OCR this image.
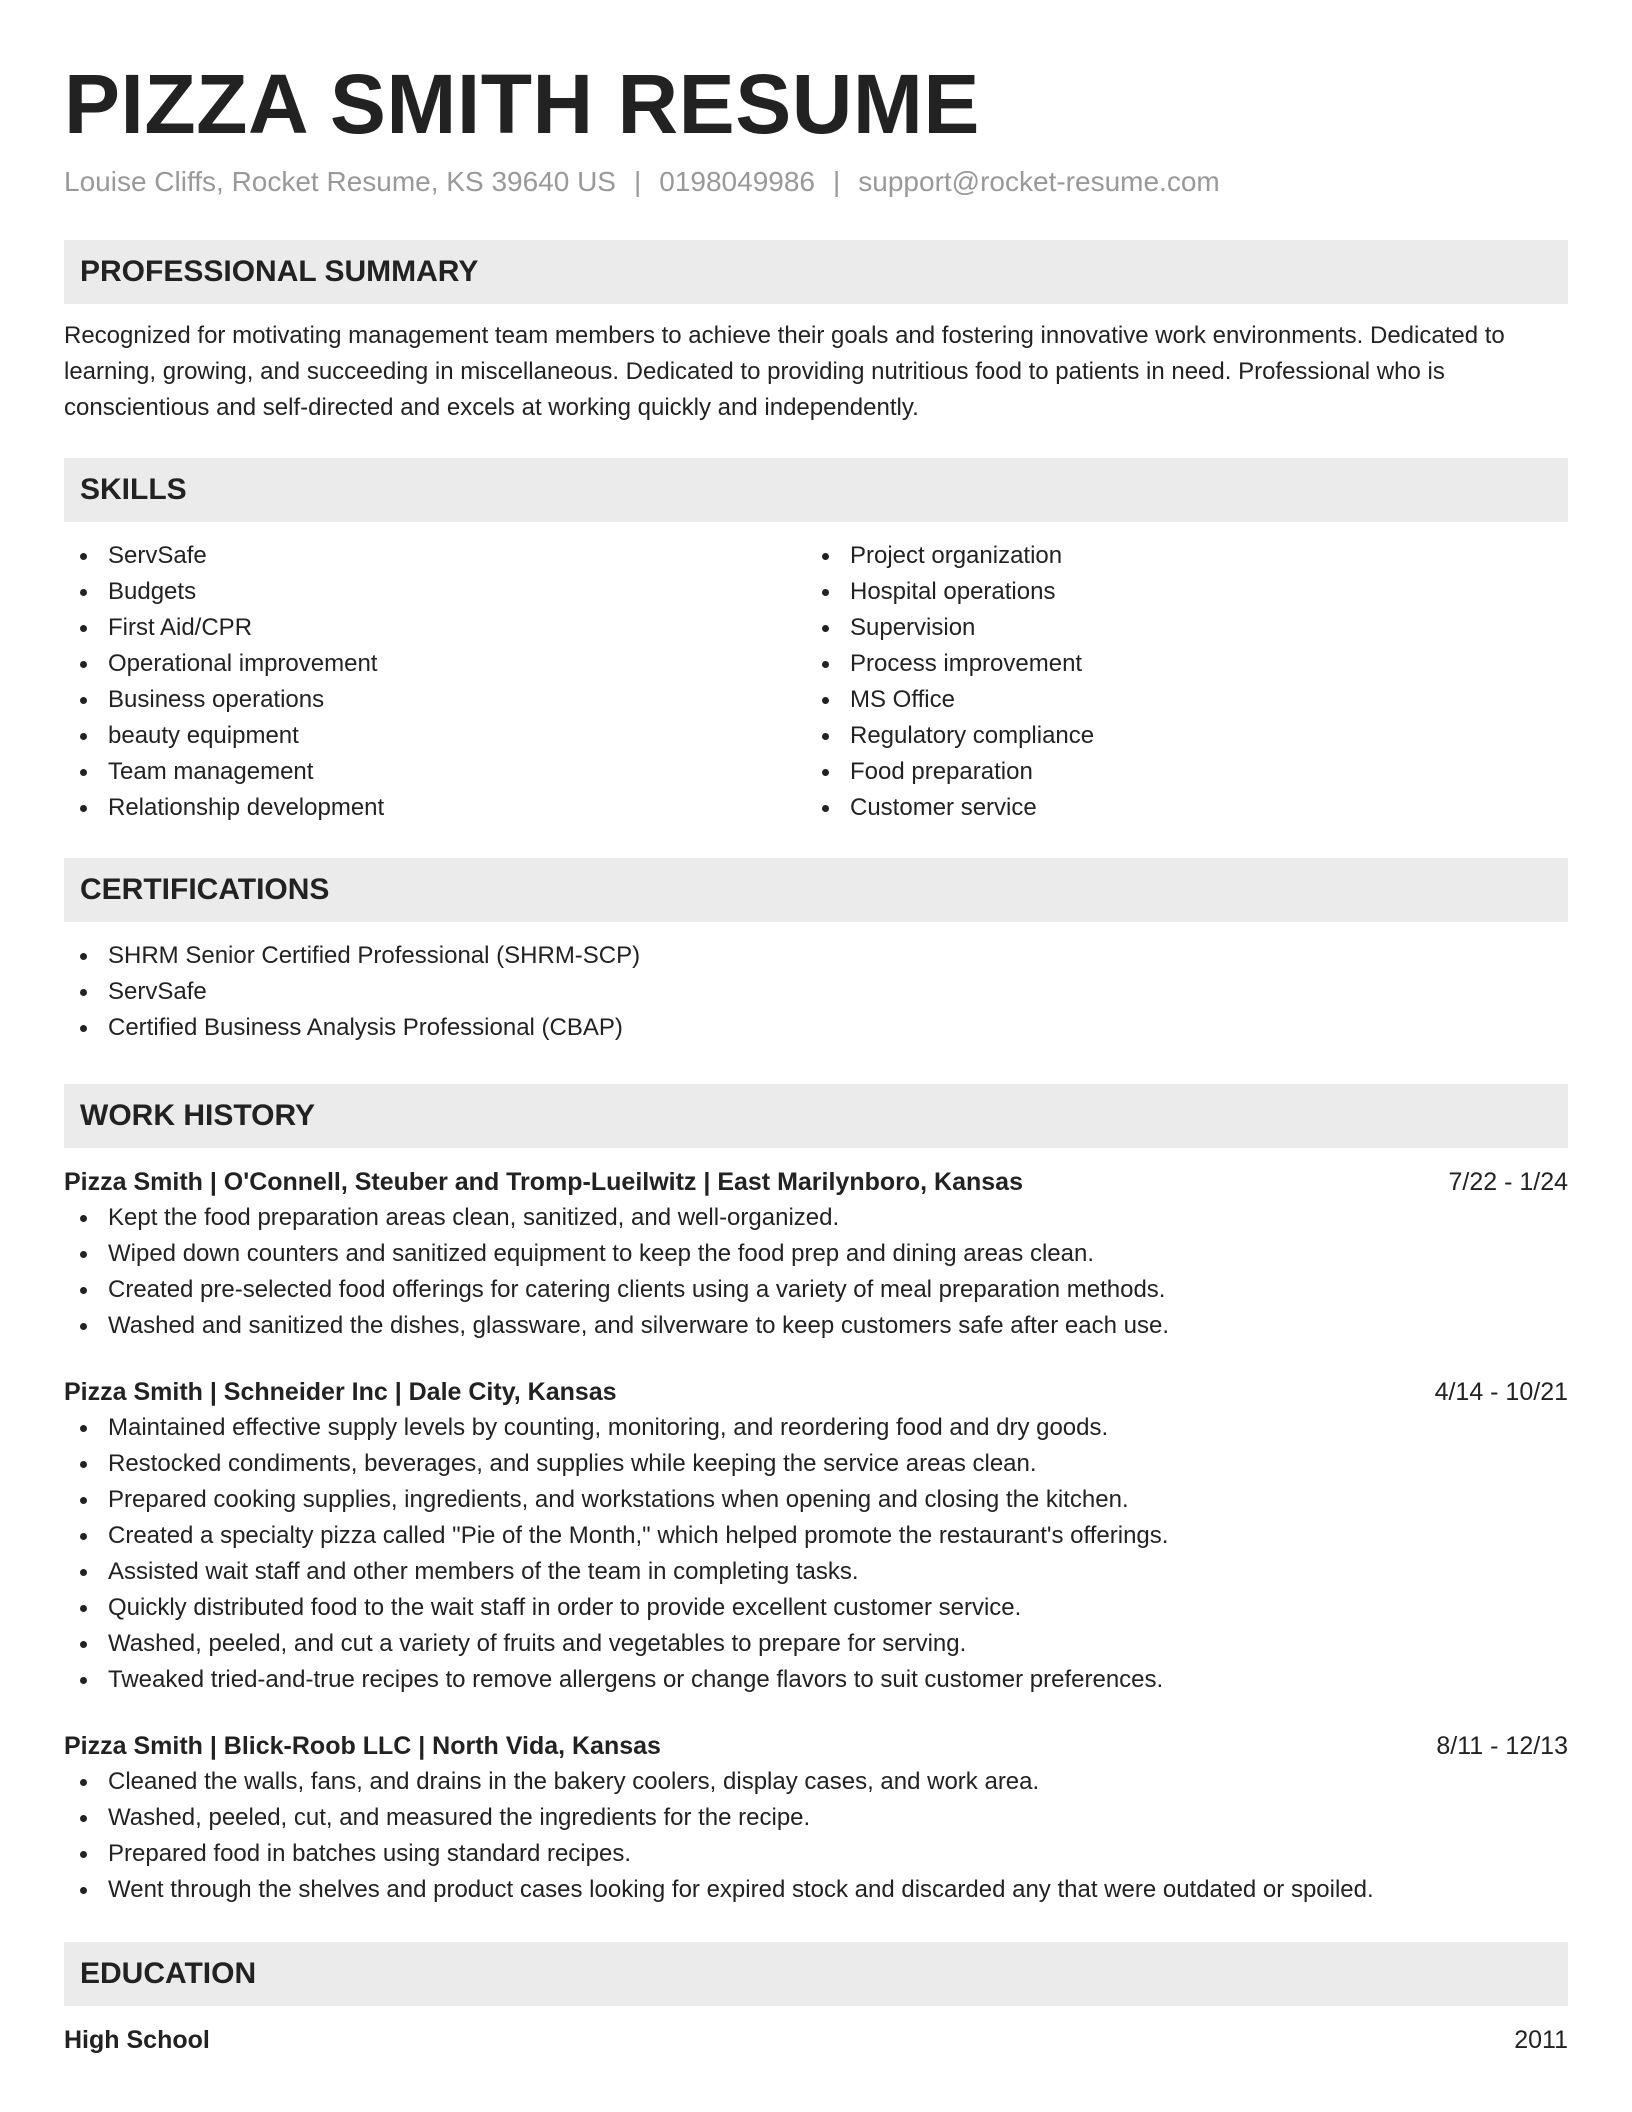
PIZZA SMITH RESUME
Louise Cliffs, Rocket Resume, KS 39640 US | 0198049986 | support@rocket-resume.com
PROFESSIONAL SUMMARY

Recognized for motivating management team members to achieve their goals and fostering innovative work environments. Dedicated to learning, growing, and succeeding in miscellaneous. Dedicated to providing nutritious food to patients in need. Professional who is conscientious and self-directed and excels at working quickly and independently.

SKILLS
ServSafe
Budgets
First Aid/CPR
Operational improvement
Business operations
beauty equipment
Team management
Relationship development
Project organization
Hospital operations
Supervision
Process improvement
MS Office
Regulatory compliance
Food preparation
Customer service
CERTIFICATIONS
SHRM Senior Certified Professional (SHRM-SCP)
ServSafe
Certified Business Analysis Professional (CBAP)
WORK HISTORY
Pizza Smith | O'Connell, Steuber and Tromp-Lueilwitz | East Marilynboro, Kansas	7/22 - 1/24
Kept the food preparation areas clean, sanitized, and well-organized.
Wiped down counters and sanitized equipment to keep the food prep and dining areas clean.
Created pre-selected food offerings for catering clients using a variety of meal preparation methods.
Washed and sanitized the dishes, glassware, and silverware to keep customers safe after each use.
Pizza Smith | Schneider Inc | Dale City, Kansas	4/14 - 10/21
Maintained effective supply levels by counting, monitoring, and reordering food and dry goods.
Restocked condiments, beverages, and supplies while keeping the service areas clean.
Prepared cooking supplies, ingredients, and workstations when opening and closing the kitchen.
Created a specialty pizza called "Pie of the Month," which helped promote the restaurant's offerings.
Assisted wait staff and other members of the team in completing tasks.
Quickly distributed food to the wait staff in order to provide excellent customer service.
Washed, peeled, and cut a variety of fruits and vegetables to prepare for serving.
Tweaked tried-and-true recipes to remove allergens or change flavors to suit customer preferences.
Pizza Smith | Blick-Roob LLC | North Vida, Kansas	8/11 - 12/13
Cleaned the walls, fans, and drains in the bakery coolers, display cases, and work area.
Washed, peeled, cut, and measured the ingredients for the recipe.
Prepared food in batches using standard recipes.
Went through the shelves and product cases looking for expired stock and discarded any that were outdated or spoiled.
EDUCATION
High School	2011
